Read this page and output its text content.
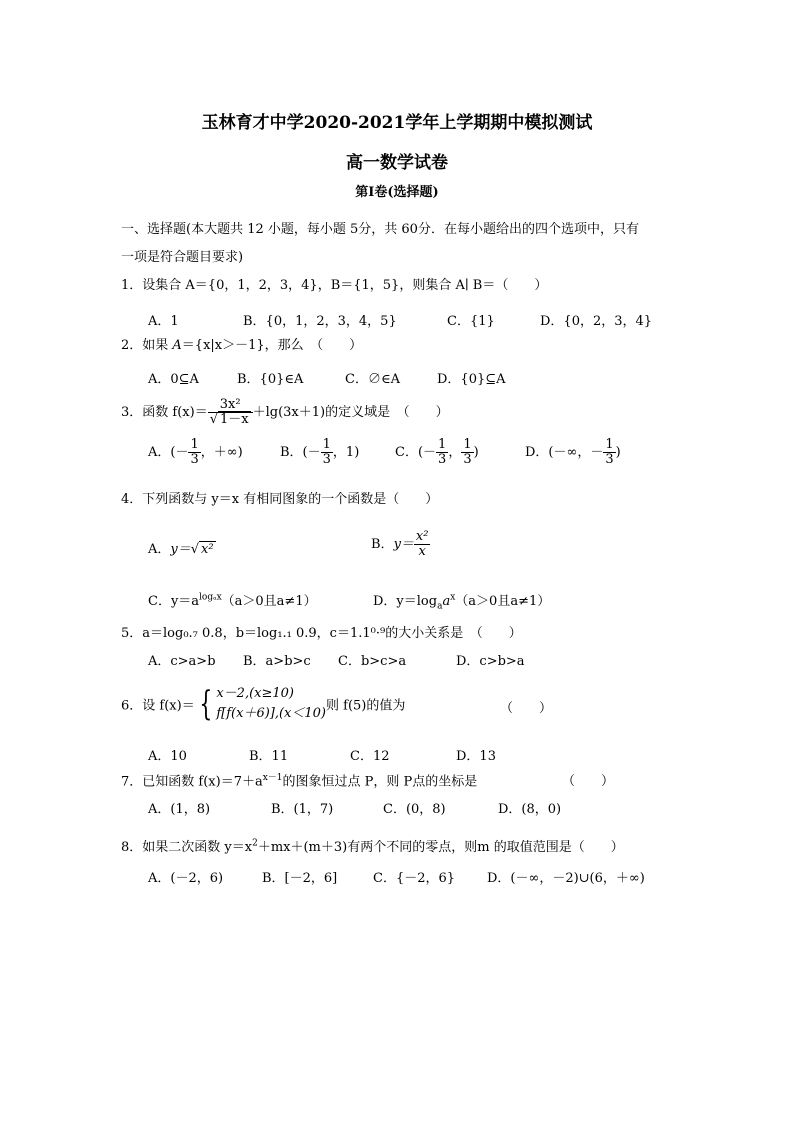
玉林育才中学2020-2021学年上学期期中模拟测试
高一数学试卷
第Ⅰ卷(选择题)
一、选择题(本大题共 12 小题，每小题 5分，共 60分．在每小题给出的四个选项中，只有
一项是符合题目要求)
1．设集合 A＝{0，1，2，3，4}，B＝{1，5}，则集合 A∣ B＝（　　）
A．1	B．{0，1，2，3，4，5}	C．{1}	D．{0，2，3，4}
2．如果 A＝{x|x＞－1}，那么　（　　）
A．0⊆A	B．{0}∈A	C．∅∈A	D．{0}⊆A
3．函数 $f(x)= \frac{\text{3x²}}{√ 1-x} +\lg(3x+1)$的定义域是　（　　）
A．(－ $\frac{1}{3}$ ，＋∞)	B．(－ $\frac{1}{3}$ ，1)	C．(－ $\frac{1}{3}$ ， $\frac{1}{3}$ )	D．(－∞，－ $\frac{1}{3}$ )
4．下列函数与 y＝x 有相同图象的一个函数是（　　）
A．y＝√ x²	B．$y= \frac{\text{x²}}{x}$
C．$y=a^{log_ax}(a>0$且a≠1）	D．$y=\log_aa^x(a>0$且a≠1）
5．a＝log₀.₇ 0.8，b＝log₁.₁ 0.9，c＝1.1⁰·⁹的大小关系是　（　　）
A．c>a>b B．a>b>c C．b>c>a	D．c>b>a
6．设 f(x)＝ { x－2,(x≥10)
f[f(x＋6)],(x＜10) 则 f(5)的值为	（　　）
A．10	B．11	C．12	D．13
7．已知函数 $f(x)=7+a^{x-1}$的图象恒过点 P，则 P点的坐标是	（　　）
A．(1，8)	B．(1，7)	C．(0，8)	D．(8，0)
8．如果二次函数 $y=x^2+mx+(m+3)$有两个不同的零点，则m 的取值范围是（　　）
A．(－2，6)	B．[－2，6]	C．{－2，6} D．(－∞，－2)∪(6，＋∞)
